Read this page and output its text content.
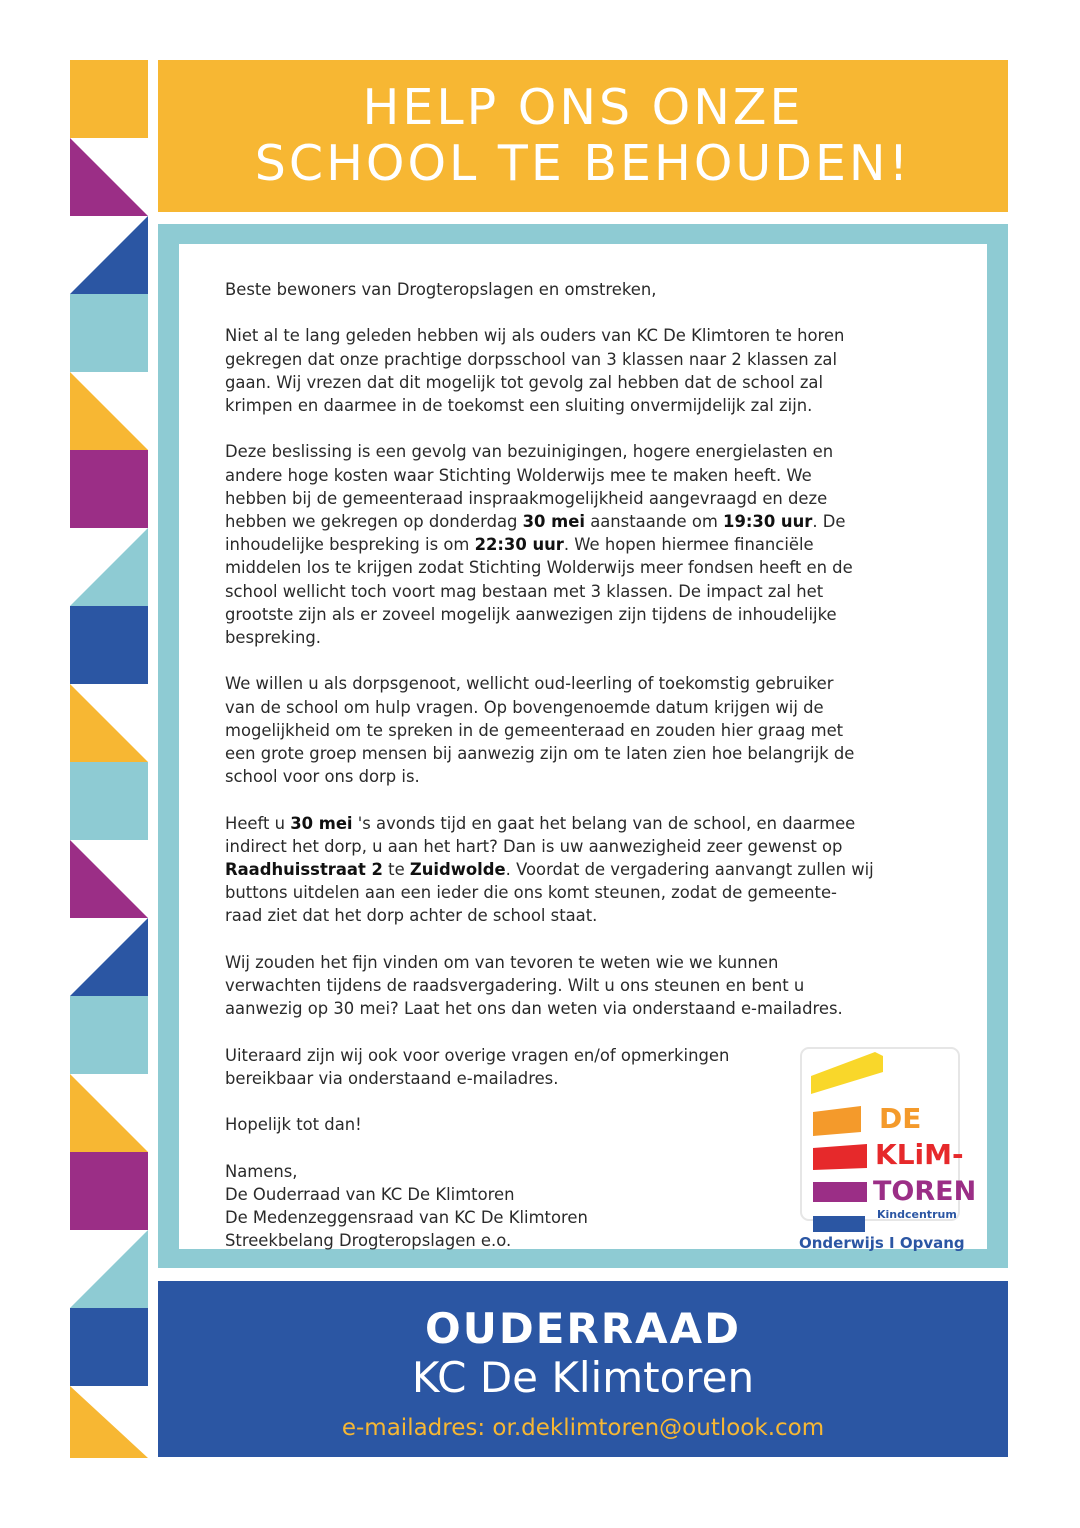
HELP ONS ONZE
SCHOOL TE BEHOUDEN!

Beste bewoners van Drogteropslagen en omstreken,

Niet al te lang geleden hebben wij als ouders van KC De Klimtoren te horen
gekregen dat onze prachtige dorpsschool van 3 klassen naar 2 klassen zal
gaan. Wij vrezen dat dit mogelijk tot gevolg zal hebben dat de school zal
krimpen en daarmee in de toekomst een sluiting onvermijdelijk zal zijn.

Deze beslissing is een gevolg van bezuinigingen, hogere energielasten en
andere hoge kosten waar Stichting Wolderwijs mee te maken heeft. We
hebben bij de gemeenteraad inspraakmogelijkheid aangevraagd en deze
hebben we gekregen op donderdag 30 mei aanstaande om 19:30 uur. De
inhoudelijke bespreking is om 22:30 uur. We hopen hiermee financiële
middelen los te krijgen zodat Stichting Wolderwijs meer fondsen heeft en de
school wellicht toch voort mag bestaan met 3 klassen. De impact zal het
grootste zijn als er zoveel mogelijk aanwezigen zijn tijdens de inhoudelijke
bespreking.

We willen u als dorpsgenoot, wellicht oud-leerling of toekomstig gebruiker
van de school om hulp vragen. Op bovengenoemde datum krijgen wij de
mogelijkheid om te spreken in de gemeenteraad en zouden hier graag met
een grote groep mensen bij aanwezig zijn om te laten zien hoe belangrijk de
school voor ons dorp is.

Heeft u 30 mei 's avonds tijd en gaat het belang van de school, en daarmee
indirect het dorp, u aan het hart? Dan is uw aanwezigheid zeer gewenst op
Raadhuisstraat 2 te Zuidwolde. Voordat de vergadering aanvangt zullen wij
buttons uitdelen aan een ieder die ons komt steunen, zodat de gemeente-
raad ziet dat het dorp achter de school staat.

Wij zouden het fijn vinden om van tevoren te weten wie we kunnen
verwachten tijdens de raadsvergadering. Wilt u ons steunen en bent u
aanwezig op 30 mei? Laat het ons dan weten via onderstaand e-mailadres.

Uiteraard zijn wij ook voor overige vragen en/of opmerkingen
bereikbaar via onderstaand e-mailadres.

Hopelijk tot dan!

Namens,
De Ouderraad van KC De Klimtoren
De Medenzeggensraad van KC De Klimtoren
Streekbelang Drogteropslagen e.o.

DE
KLiM-
TOREN
Kindcentrum
Onderwijs I Opvang
OUDERRAAD
KC De Klimtoren
e-mailadres: or.deklimtoren@outlook.com
